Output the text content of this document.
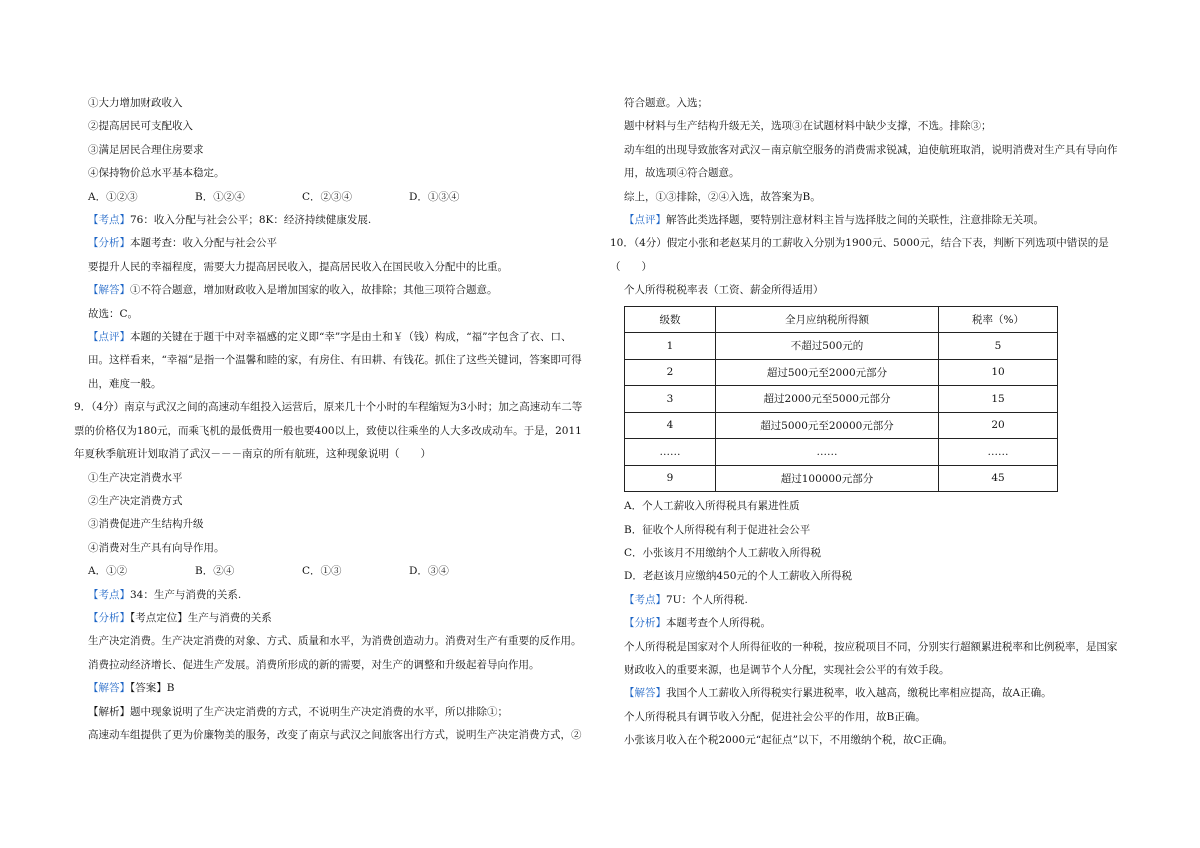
①大力增加财政收入
②提高居民可支配收入
③满足居民合理住房要求
④保持物价总水平基本稳定。
A．①②③	B．①②④	C．②③④	D．①③④
【考点】76：收入分配与社会公平；8K：经济持续健康发展.
【分析】本题考查：收入分配与社会公平
要提升人民的幸福程度，需要大力提高居民收入，提高居民收入在国民收入分配中的比重。
【解答】①不符合题意，增加财政收入是增加国家的收入，故排除；其他三项符合题意。
故选：C。
【点评】本题的关键在于题干中对幸福感的定义即“幸”字是由土和￥（钱）构成，“福”字包含了衣、口、田。这样看来，“幸福”是指一个温馨和睦的家，有房住、有田耕、有钱花。抓住了这些关键词，答案即可得出，难度一般。
9．（4分）南京与武汉之间的高速动车组投入运营后，原来几十个小时的车程缩短为3小时；加之高速动车二等票的价格仅为180元，而乘飞机的最低费用一般也要400以上，致使以往乘坐的人大多改成动车。于是，2011年夏秋季航班计划取消了武汉－－－南京的所有航班，这种现象说明（　　）
①生产决定消费水平
②生产决定消费方式
③消费促进产生结构升级
④消费对生产具有向导作用。
A．①②	B．②④	C．①③	D．③④
【考点】34：生产与消费的关系.
【分析】【考点定位】生产与消费的关系
生产决定消费。生产决定消费的对象、方式、质量和水平，为消费创造动力。消费对生产有重要的反作用。
消费拉动经济增长、促进生产发展。消费所形成的新的需要，对生产的调整和升级起着导向作用。
【解答】【答案】B
【解析】题中现象说明了生产决定消费的方式，不说明生产决定消费的水平，所以排除①；
高速动车组提供了更为价廉物美的服务，改变了南京与武汉之间旅客出行方式，说明生产决定消费方式，②
符合题意。入选；
题中材料与生产结构升级无关，选项③在试题材料中缺少支撑，不选。排除③；
动车组的出现导致旅客对武汉－南京航空服务的消费需求锐减，迫使航班取消，说明消费对生产具有导向作用，故选项④符合题意。
综上，①③排除，②④入选，故答案为B。
【点评】解答此类选择题，要特别注意材料主旨与选择肢之间的关联性，注意排除无关项。
10．（4分）假定小张和老赵某月的工薪收入分别为1900元、5000元，结合下表，判断下列选项中错误的是（　　）
个人所得税税率表（工资、薪金所得适用）
级数	全月应纳税所得额	税率（%）
1	不超过500元的	5
2	超过500元至2000元部分	10
3	超过2000元至5000元部分	15
4	超过5000元至20000元部分	20
……	……	……
9	超过100000元部分	45
A．个人工薪收入所得税具有累进性质
B．征收个人所得税有利于促进社会公平
C．小张该月不用缴纳个人工薪收入所得税
D．老赵该月应缴纳450元的个人工薪收入所得税
【考点】7U：个人所得税.
【分析】本题考查个人所得税。
个人所得税是国家对个人所得征收的一种税，按应税项目不同，分别实行超额累进税率和比例税率，是国家财政收入的重要来源，也是调节个人分配，实现社会公平的有效手段。
【解答】我国个人工薪收入所得税实行累进税率，收入越高，缴税比率相应提高，故A正确。
个人所得税具有调节收入分配，促进社会公平的作用，故B正确。
小张该月收入在个税2000元“起征点”以下，不用缴纳个税，故C正确。
